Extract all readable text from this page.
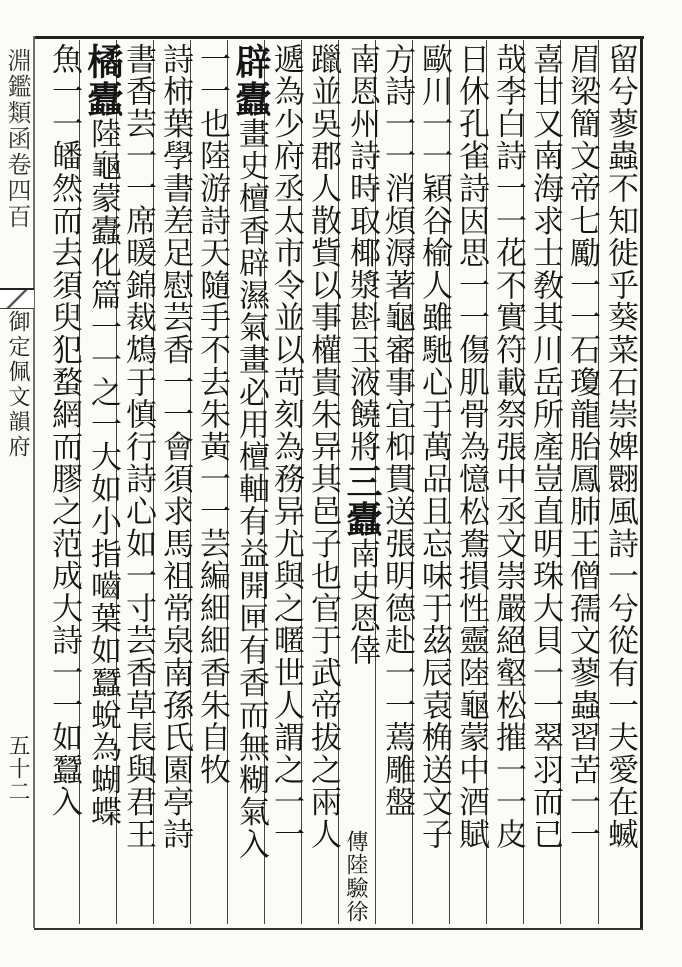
淵鑑類函卷四百
御定佩文韻府
五十二	留兮蓼蟲不知徙乎葵菜石崇婢翾風詩一兮從有一夫愛在蝛
眉梁簡文帝七勵一一石瓊龍胎鳳肺王僧孺文蓼蟲習苦一一
喜甘又南海求士敎其川岳所產豈直明珠大貝一一翠羽而已
哉李白詩一一花不實符載祭張中丞文崇嚴絕壑松摧一一皮
日休孔雀詩因思一一傷肌骨為憶松鴦損性靈陸龜蒙中酒賦
歐川一一穎谷榆人雖馳心于萬品且忘味于茲辰袁桷送文子
方詩一一消煩溽著龜審事宜枊貫送張明德赴一一蔫雕盤
南恩州詩時取椰漿斟玉液饒將三蠹南史恩倖
躐並吳郡人散貲以事權貴朱异其邑子也官于武帝拔之兩人
遞為少府丞太市令並以苛刻為務异尤與之暱世人謂之一一
辟蠹畫史檀香辟濕氣畫必用檀軸有益開匣有香而無糊氣入
一一也陸游詩天隨手不去朱黃一一芸編細細香朱自牧
詩柿葉學書差足慰芸香一一會須求馬祖常泉南孫氏園亭詩
書香芸一一席暖錦裁鴆于慎行詩心如一寸芸香草長與君王
橘蠹陸龜蒙蠹化篇一一之一大如小指嚙葉如蠶蛻為蝴蝶
魚一一皤然而去須臾犯蝥網而膠之范成大詩一一如蠶入
傳陸驗徐
